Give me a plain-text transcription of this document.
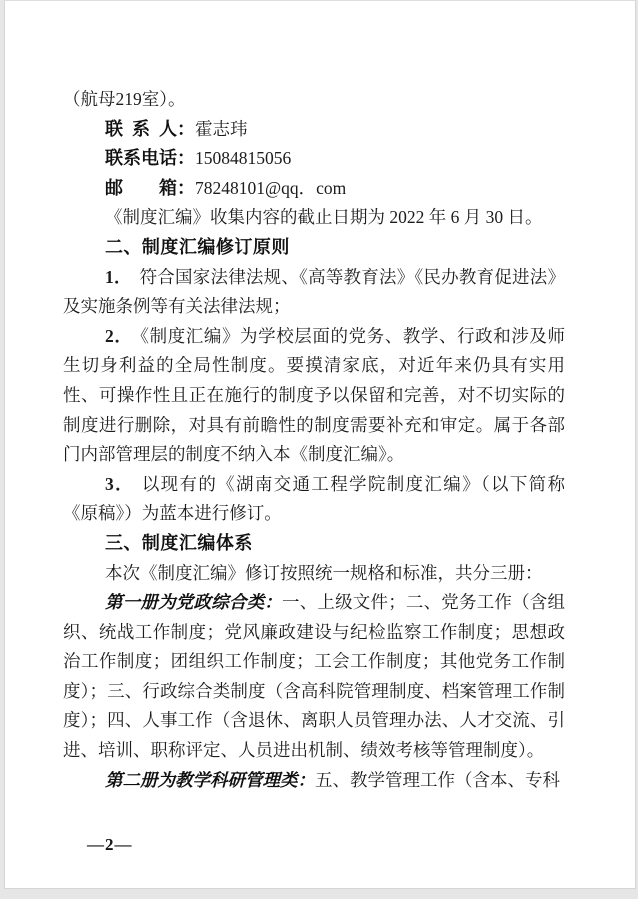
（航母219室）。
联 系 人：霍志玮
联系电话：15084815056
邮  箱：78248101@qq．com
《制度汇编》收集内容的截止日期为 2022 年 6 月 30 日。
二、制度汇编修订原则
1． 符合国家法律法规、《高等教育法》《民办教育促进法》及实施条例等有关法律法规；
2． 《制度汇编》为学校层面的党务、教学、行政和涉及师生切身利益的全局性制度。要摸清家底，对近年来仍具有实用性、可操作性且正在施行的制度予以保留和完善，对不切实际的制度进行删除，对具有前瞻性的制度需要补充和审定。属于各部门内部管理层的制度不纳入本《制度汇编》。
3． 以现有的《湖南交通工程学院制度汇编》（以下简称《原稿》）为蓝本进行修订。
三、制度汇编体系
本次《制度汇编》修订按照统一规格和标准，共分三册：
第一册为党政综合类：一、上级文件；二、党务工作（含组织、统战工作制度；党风廉政建设与纪检监察工作制度；思想政治工作制度；团组织工作制度；工会工作制度；其他党务工作制度）；三、行政综合类制度（含高科院管理制度、档案管理工作制度）；四、人事工作（含退休、离职人员管理办法、人才交流、引进、培训、职称评定、人员进出机制、绩效考核等管理制度）。
第二册为教学科研管理类：五、教学管理工作（含本、专科
—2—
